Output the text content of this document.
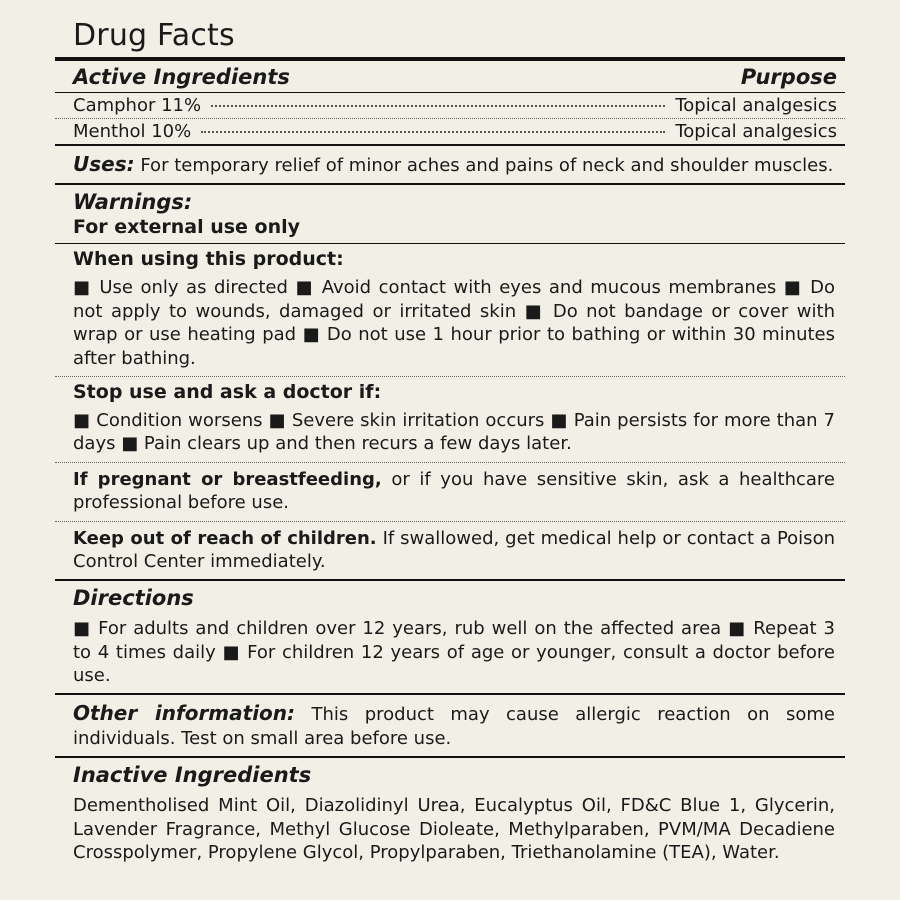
Drug Facts
Active Ingredients	Purpose
Camphor 11%	Topical analgesics
Menthol 10%	Topical analgesics

Uses: For temporary relief of minor aches and pains of neck and shoulder muscles.

Warnings:
For external use only
When using this product:

■ Use only as directed ■ Avoid contact with eyes and mucous membranes ■ Do not apply to wounds, damaged or irritated skin ■ Do not bandage or cover with wrap or use heating pad ■ Do not use 1 hour prior to bathing or within 30 minutes after bathing.

Stop use and ask a doctor if:

■ Condition worsens ■ Severe skin irritation occurs ■ Pain persists for more than 7 days ■ Pain clears up and then recurs a few days later.

If pregnant or breastfeeding, or if you have sensitive skin, ask a healthcare professional before use.

Keep out of reach of children. If swallowed, get medical help or contact a Poison Control Center immediately.

Directions

■ For adults and children over 12 years, rub well on the affected area ■ Repeat 3 to 4 times daily ■ For children 12 years of age or younger, consult a doctor before use.

Other information: This product may cause allergic reaction on some individuals. Test on small area before use.

Inactive Ingredients

Dementholised Mint Oil, Diazolidinyl Urea, Eucalyptus Oil, FD&C Blue 1, Glycerin, Lavender Fragrance, Methyl Glucose Dioleate, Methylparaben, PVM/MA Decadiene Crosspolymer, Propylene Glycol, Propylparaben, Triethanolamine (TEA), Water.
